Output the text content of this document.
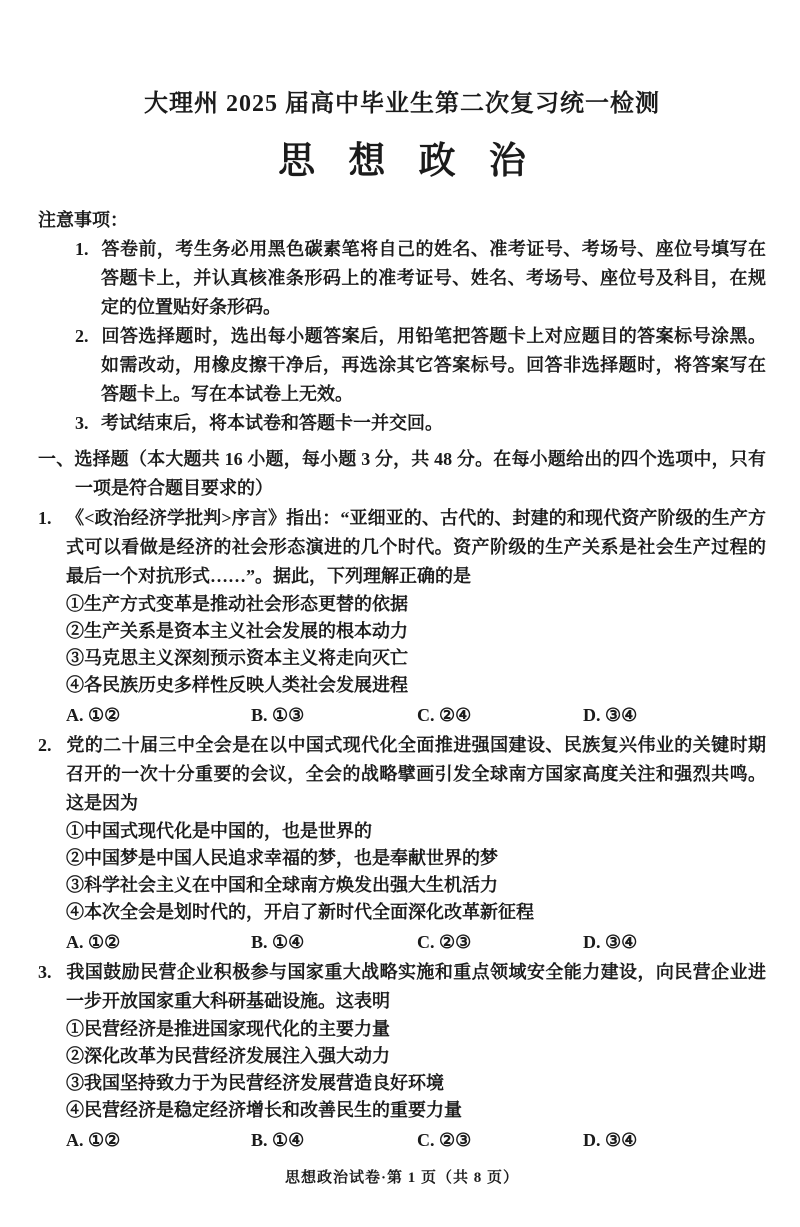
大理州 2025 届高中毕业生第二次复习统一检测
思 想 政 治

注意事项：

1. 答卷前，考生务必用黑色碳素笔将自己的姓名、准考证号、考场号、座位号填写在答题卡上，并认真核准条形码上的准考证号、姓名、考场号、座位号及科目，在规定的位置贴好条形码。

2. 回答选择题时，选出每小题答案后，用铅笔把答题卡上对应题目的答案标号涂黑。如需改动，用橡皮擦干净后，再选涂其它答案标号。回答非选择题时，将答案写在答题卡上。写在本试卷上无效。

3. 考试结束后，将本试卷和答题卡一并交回。

一、选择题（本大题共 16 小题，每小题 3 分，共 48 分。在每小题给出的四个选项中，只有一项是符合题目要求的）

1. 《<政治经济学批判>序言》指出：“亚细亚的、古代的、封建的和现代资产阶级的生产方式可以看做是经济的社会形态演进的几个时代。资产阶级的生产关系是社会生产过程的最后一个对抗形式……”。据此，下列理解正确的是

①生产方式变革是推动社会形态更替的依据

②生产关系是资本主义社会发展的根本动力

③马克思主义深刻预示资本主义将走向灭亡

④各民族历史多样性反映人类社会发展进程

A. ①②	B. ①③	C. ②④	D. ③④

2. 党的二十届三中全会是在以中国式现代化全面推进强国建设、民族复兴伟业的关键时期召开的一次十分重要的会议，全会的战略擘画引发全球南方国家高度关注和强烈共鸣。这是因为

①中国式现代化是中国的，也是世界的

②中国梦是中国人民追求幸福的梦，也是奉献世界的梦

③科学社会主义在中国和全球南方焕发出强大生机活力

④本次全会是划时代的，开启了新时代全面深化改革新征程

A. ①②	B. ①④	C. ②③	D. ③④

3. 我国鼓励民营企业积极参与国家重大战略实施和重点领域安全能力建设，向民营企业进一步开放国家重大科研基础设施。这表明

①民营经济是推进国家现代化的主要力量

②深化改革为民营经济发展注入强大动力

③我国坚持致力于为民营经济发展营造良好环境

④民营经济是稳定经济增长和改善民生的重要力量

A. ①②	B. ①④	C. ②③	D. ③④

思想政治试卷·第 1 页（共 8 页）
